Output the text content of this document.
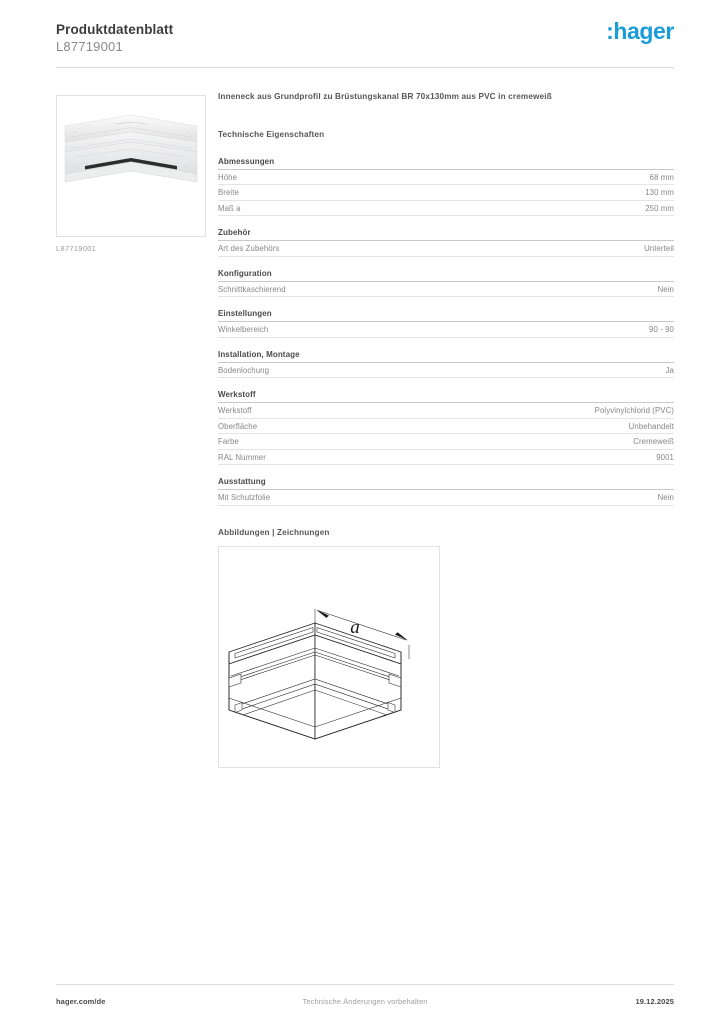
Produktdatenblatt
L87719001
:hager
L87719001
Inneneck aus Grundprofil zu Brüstungskanal BR 70x130mm aus PVC in cremeweiß
Technische Eigenschaften
Abmessungen
Höhe	68 mm
Breite	130 mm
Maß a	250 mm
Zubehör
Art des Zubehörs	Unterteil
Konfiguration
Schnittkaschierend	Nein
Einstellungen
Winkelbereich	90 - 90
Installation, Montage
Bodenlochung	Ja
Werkstoff
Werkstoff	Polyvinylchlorid (PVC)
Oberfläche	Unbehandelt
Farbe	Cremeweiß
RAL Nummer	9001
Ausstattung
Mit Schutzfolie	Nein
Abbildungen | Zeichnungen
a
hager.com/de	Technische Änderungen vorbehalten	19.12.2025
